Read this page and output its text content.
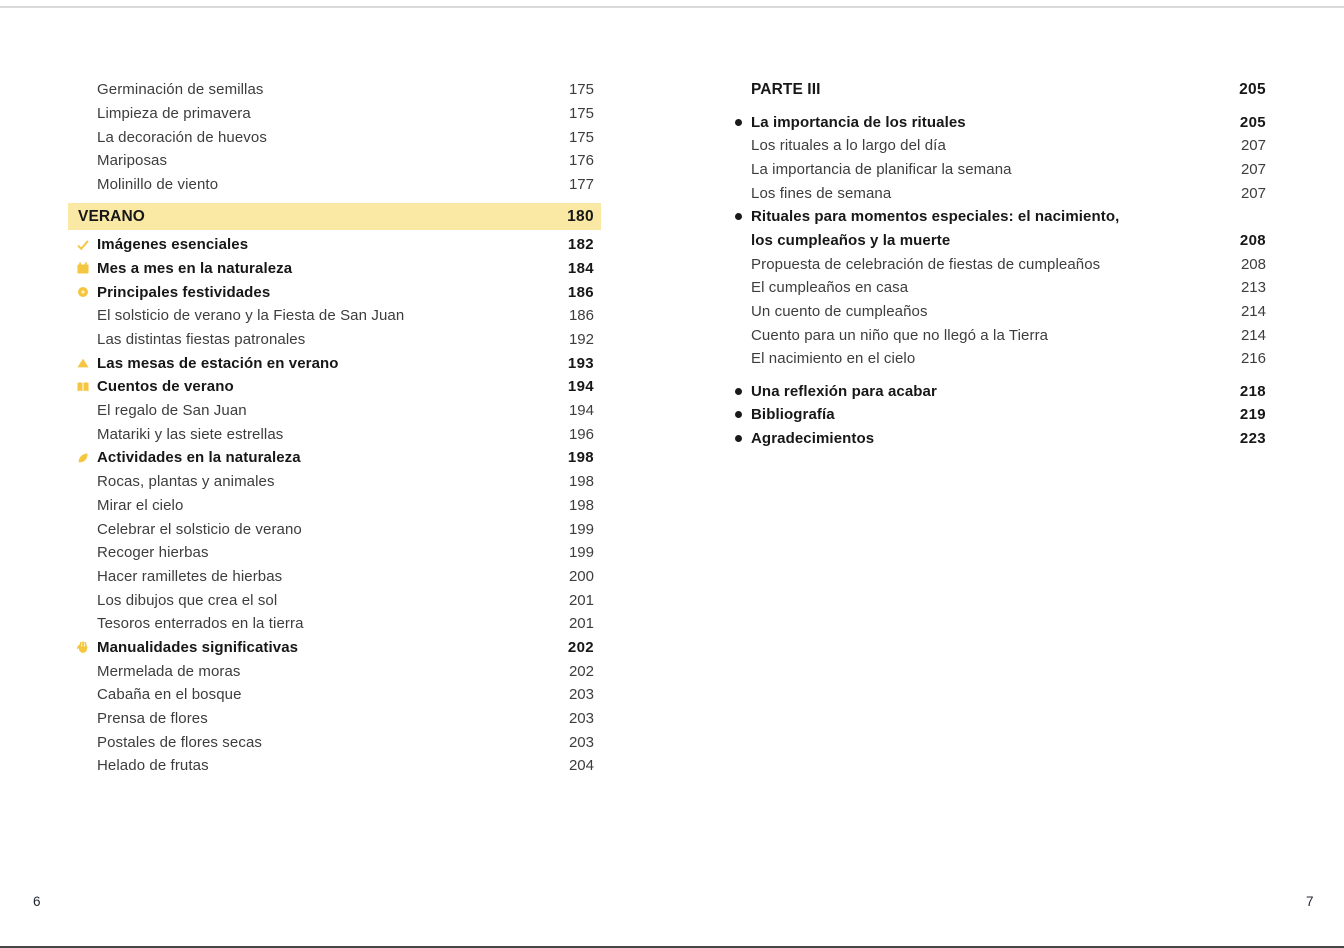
Germinación de semillas	175
Limpieza de primavera	175
La decoración de huevos	175
Mariposas	176
Molinillo de viento	177
VERANO	180
Imágenes esenciales	182
Mes a mes en la naturaleza	184
Principales festividades	186
El solsticio de verano y la Fiesta de San Juan	186
Las distintas fiestas patronales	192
Las mesas de estación en verano	193
Cuentos de verano	194
El regalo de San Juan	194
Matariki y las siete estrellas	196
Actividades en la naturaleza	198
Rocas, plantas y animales	198
Mirar el cielo	198
Celebrar el solsticio de verano	199
Recoger hierbas	199
Hacer ramilletes de hierbas	200
Los dibujos que crea el sol	201
Tesoros enterrados en la tierra	201
Manualidades significativas	202
Mermelada de moras	202
Cabaña en el bosque	203
Prensa de flores	203
Postales de flores secas	203
Helado de frutas	204
PARTE III	205
La importancia de los rituales	205
Los rituales a lo largo del día	207
La importancia de planificar la semana	207
Los fines de semana	207
Rituales para momentos especiales: el nacimiento,
los cumpleaños y la muerte	208
Propuesta de celebración de fiestas de cumpleaños	208
El cumpleaños en casa	213
Un cuento de cumpleaños	214
Cuento para un niño que no llegó a la Tierra	214
El nacimiento en el cielo	216
Una reflexión para acabar	218
Bibliografía	219
Agradecimientos	223
6	7
